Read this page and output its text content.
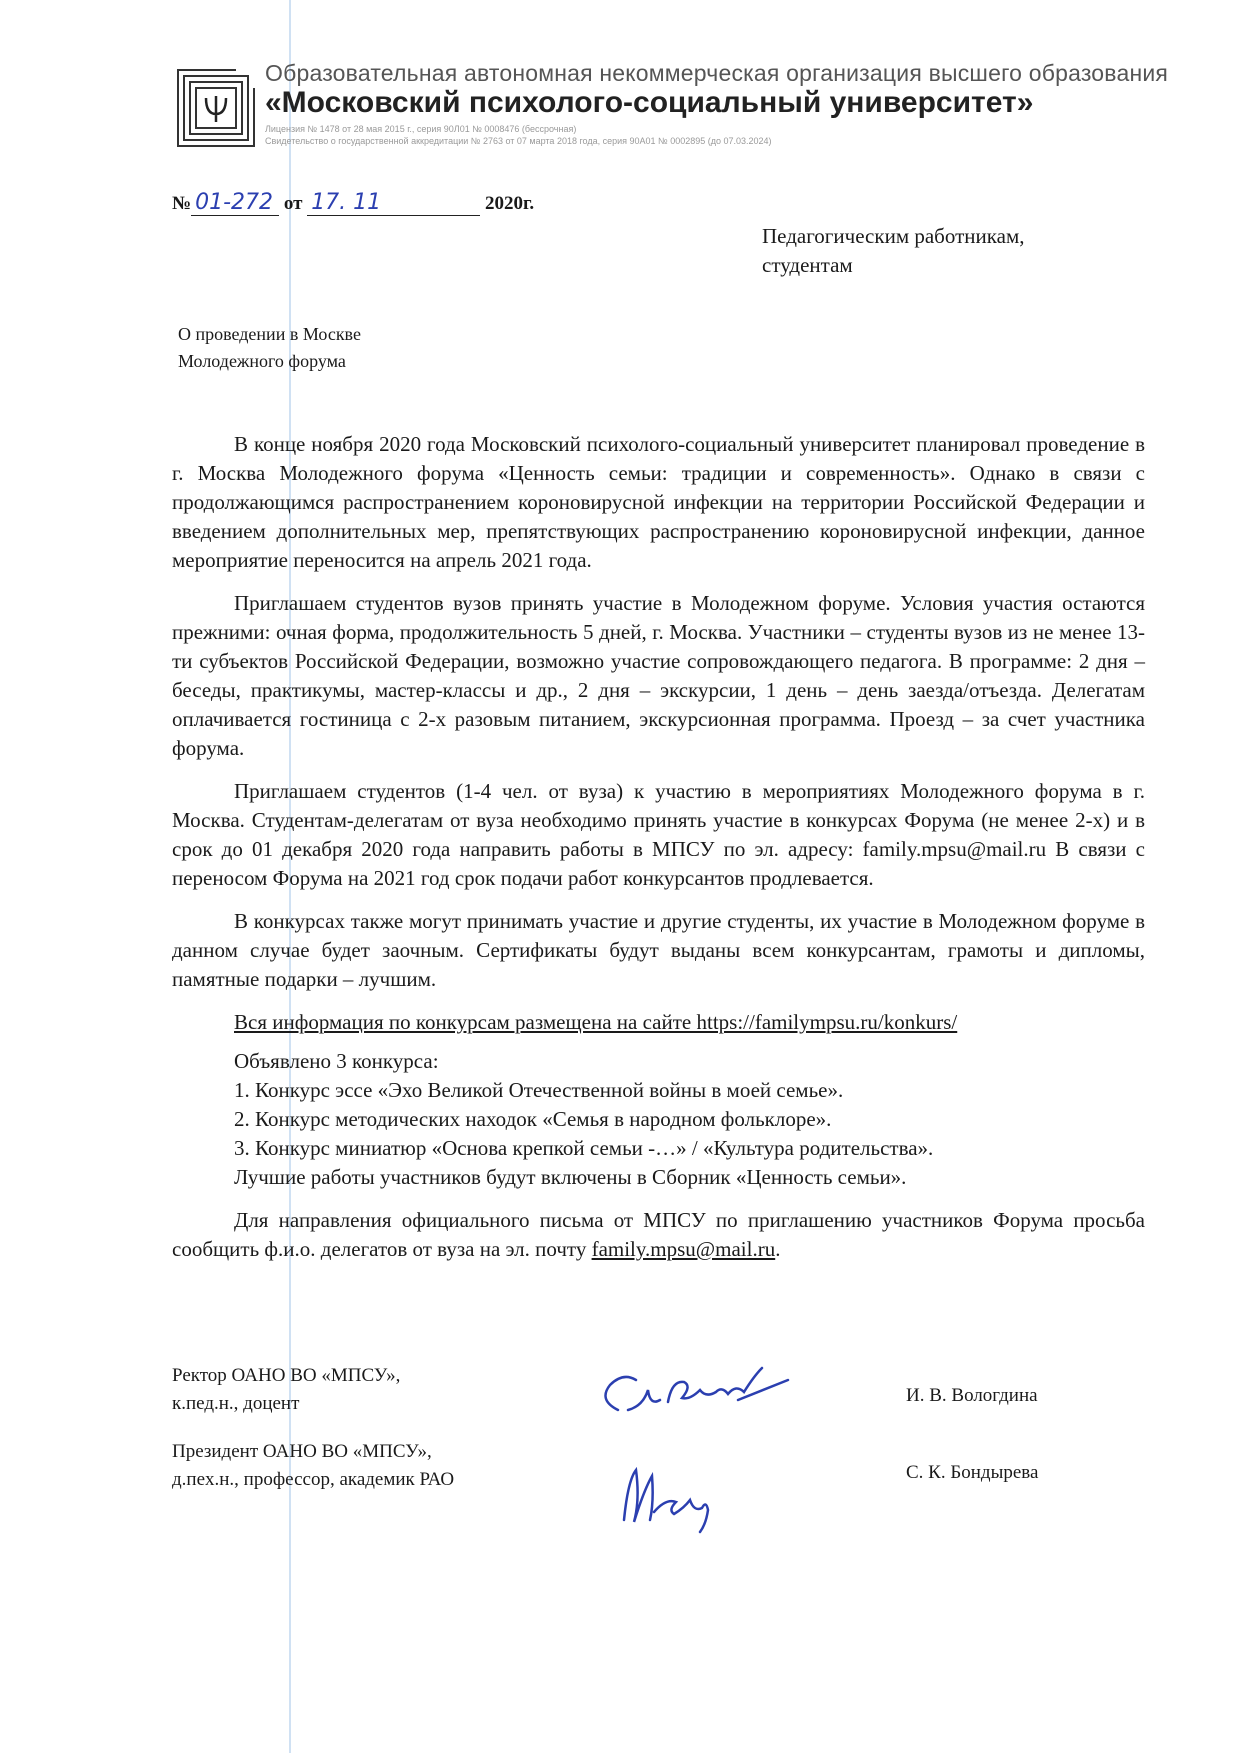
Образовательная автономная некоммерческая организация высшего образования
«Московский психолого-социальный университет»
Лицензия № 1478 от 28 мая 2015 г., серия 90Л01 № 0008476 (бессрочная)
Свидетельство о государственной аккредитации № 2763 от 07 марта 2018 года, серия 90А01 № 0002895 (до 07.03.2024)
№ 01-272 от 17. 11	2020г.
Педагогическим работникам,
студентам
О проведении в Москве
Молодежного форума

В конце ноября 2020 года Московский психолого-социальный университет планировал проведение в г. Москва Молодежного форума «Ценность семьи: традиции и современность». Однако в связи с продолжающимся распространением короновирусной инфекции на территории Российской Федерации и введением дополнительных мер, препятствующих распространению короновирусной инфекции, данное мероприятие переносится на апрель 2021 года.

Приглашаем студентов вузов принять участие в Молодежном форуме. Условия участия остаются прежними: очная форма, продолжительность 5 дней, г. Москва. Участники – студенты вузов из не менее 13-ти субъектов Российской Федерации, возможно участие сопровождающего педагога. В программе: 2 дня – беседы, практикумы, мастер-классы и др., 2 дня – экскурсии, 1 день – день заезда/отъезда. Делегатам оплачивается гостиница с 2-х разовым питанием, экскурсионная программа. Проезд – за счет участника форума.

Приглашаем студентов (1-4 чел. от вуза) к участию в мероприятиях Молодежного форума в г. Москва. Студентам-делегатам от вуза необходимо принять участие в конкурсах Форума (не менее 2-х) и в срок до 01 декабря 2020 года направить работы в МПСУ по эл. адресу: family.mpsu@mail.ru В связи с переносом Форума на 2021 год срок подачи работ конкурсантов продлевается.

В конкурсах также могут принимать участие и другие студенты, их участие в Молодежном форуме в данном случае будет заочным. Сертификаты будут выданы всем конкурсантам, грамоты и дипломы, памятные подарки – лучшим.

Вся информация по конкурсам размещена на сайте https://familympsu.ru/konkurs/
Объявлено 3 конкурса:
1. Конкурс эссе «Эхо Великой Отечественной войны в моей семье».
2. Конкурс методических находок «Семья в народном фольклоре».
3. Конкурс миниатюр «Основа крепкой семьи -…» / «Культура родительства».
Лучшие работы участников будут включены в Сборник «Ценность семьи».

Для направления официального письма от МПСУ по приглашению участников Форума просьба сообщить ф.и.о. делегатов от вуза на эл. почту family.mpsu@mail.ru.

Ректор ОАНО ВО «МПСУ»,
к.пед.н., доцент	И. В. Вологдина
Президент ОАНО ВО «МПСУ»,
д.пеx.н., профессор, академик РАО	С. К. Бондырева
